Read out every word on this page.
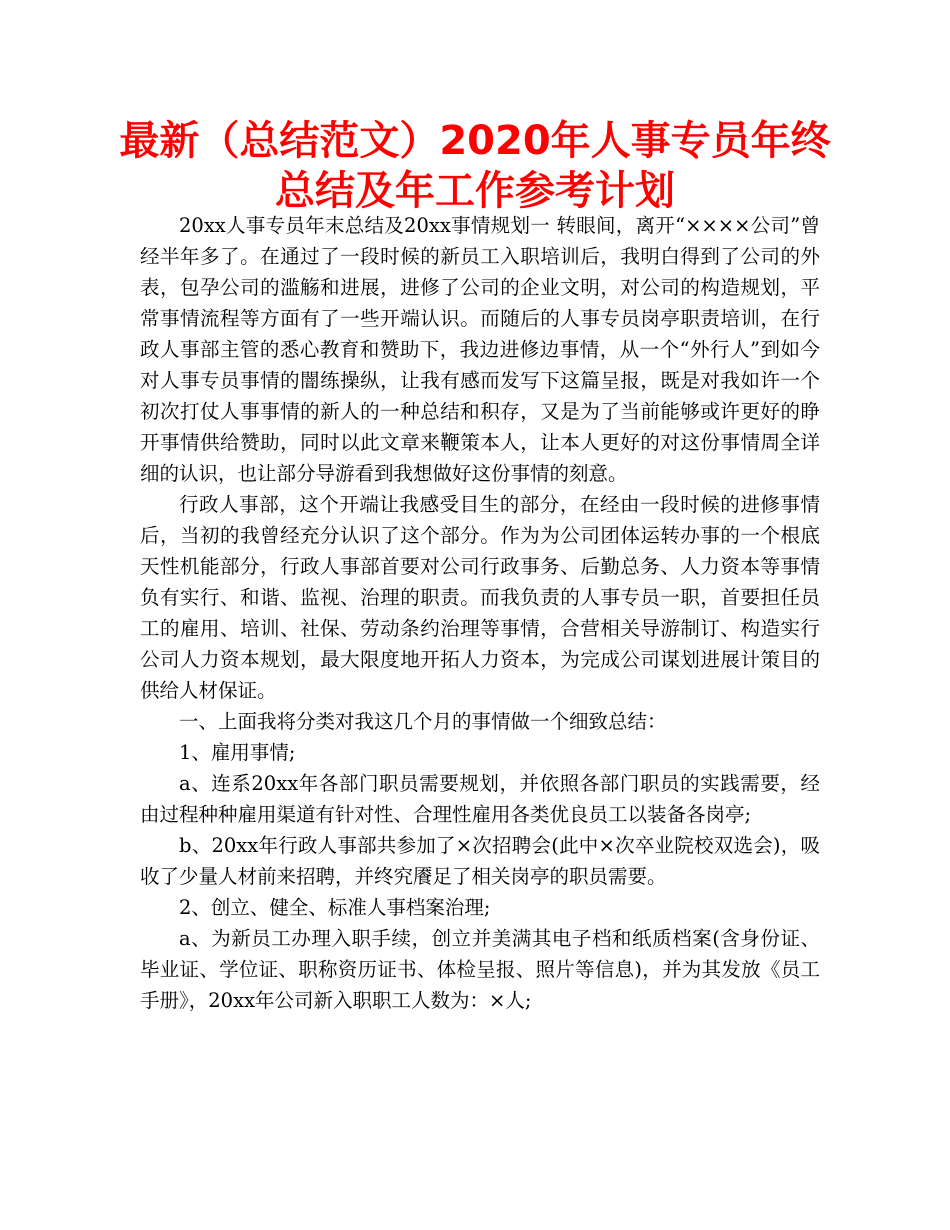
最新（总结范文）2020年人事专员年终总结及年工作参考计划

20xx人事专员年末总结及20xx事情规划一 转眼间，离开“××××公司”曾经半年多了。在通过了一段时候的新员工入职培训后，我明白得到了公司的外表，包孕公司的滥觞和进展，进修了公司的企业文明，对公司的构造规划，平常事情流程等方面有了一些开端认识。而随后的人事专员岗亭职责培训，在行政人事部主管的悉心教育和赞助下，我边进修边事情，从一个“外行人”到如今对人事专员事情的闇练操纵，让我有感而发写下这篇呈报，既是对我如许一个初次打仗人事事情的新人的一种总结和积存，又是为了当前能够或许更好的睁开事情供给赞助，同时以此文章来鞭策本人，让本人更好的对这份事情周全详细的认识，也让部分导游看到我想做好这份事情的刻意。

行政人事部，这个开端让我感受目生的部分，在经由一段时候的进修事情后，当初的我曾经充分认识了这个部分。作为为公司团体运转办事的一个根底天性机能部分，行政人事部首要对公司行政事务、后勤总务、人力资本等事情负有实行、和谐、监视、治理的职责。而我负责的人事专员一职，首要担任员工的雇用、培训、社保、劳动条约治理等事情，合营相关导游制订、构造实行公司人力资本规划，最大限度地开拓人力资本，为完成公司谋划进展计策目的供给人材保证。

一、上面我将分类对我这几个月的事情做一个细致总结：

1、雇用事情;

a、连系20xx年各部门职员需要规划，并依照各部门职员的实践需要，经由过程种种雇用渠道有针对性、合理性雇用各类优良员工以装备各岗亭;

b、20xx年行政人事部共参加了×次招聘会(此中×次卒业院校双选会)，吸收了少量人材前来招聘，并终究餍足了相关岗亭的职员需要。

2、创立、健全、标准人事档案治理;

a、为新员工办理入职手续，创立并美满其电子档和纸质档案(含身份证、毕业证、学位证、职称资历证书、体检呈报、照片等信息)，并为其发放《员工手册》，20xx年公司新入职职工人数为：×人;
